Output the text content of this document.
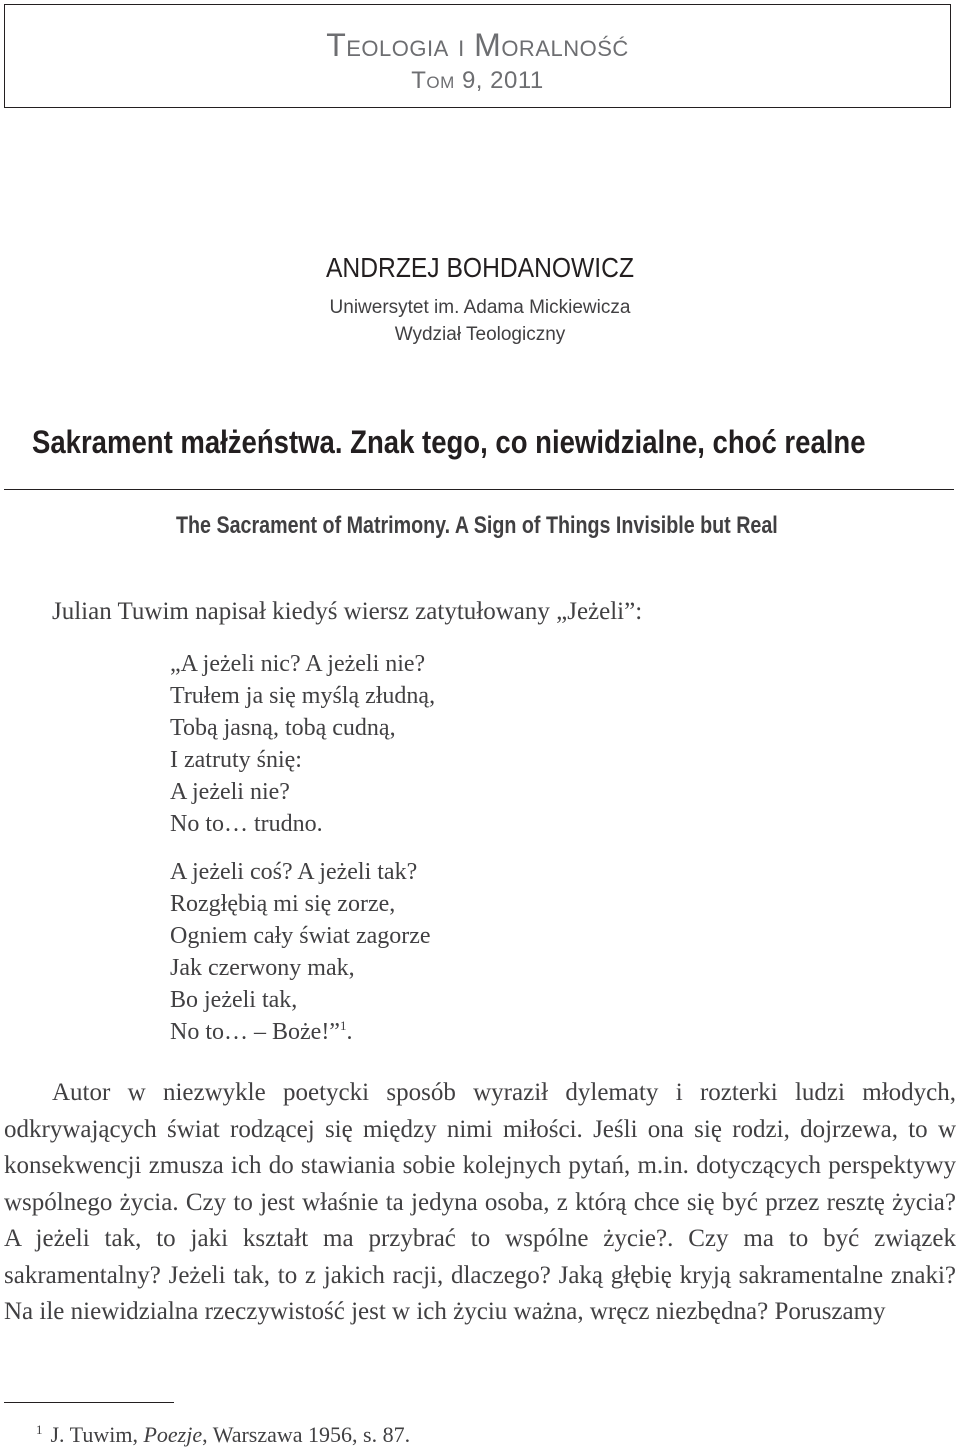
Teologia i Moralność
Tom 9, 2011
ANDRZEJ BOHDANOWICZ
Uniwersytet im. Adama Mickiewicza
Wydział Teologiczny
Sakrament małżeństwa. Znak tego, co niewidzialne, choć realne
The Sacrament of Matrimony. A Sign of Things Invisible but Real
Julian Tuwim napisał kiedyś wiersz zatytułowany „Jeżeli”:
„A jeżeli nic? A jeżeli nie?
Trułem ja się myślą złudną,
Tobą jasną, tobą cudną,
I zatruty śnię:
A jeżeli nie?
No to… trudno.
A jeżeli coś? A jeżeli tak?
Rozgłębią mi się zorze,
Ogniem cały świat zagorze
Jak czerwony mak,
Bo jeżeli tak,
No to… – Boże!”$^1$.

Autor w niezwykle poetycki sposób wyraził dylematy i rozterki ludzi młodych, odkrywających świat rodzącej się między nimi miłości. Jeśli ona się rodzi, dojrzewa, to w konsekwencji zmusza ich do stawiania sobie kolejnych pytań, m.in. dotyczących perspektywy wspólnego życia. Czy to jest właśnie ta jedyna osoba, z którą chce się być przez resztę życia? A jeżeli tak, to jaki kształt ma przybrać to wspólne życie?. Czy ma to być związek sakramentalny? Jeżeli tak, to z jakich racji, dlaczego? Jaką głębię kryją sakramentalne znaki? Na ile niewidzialna rzeczywistość jest w ich życiu ważna, wręcz niezbędna? Poruszamy

$^1$ J. Tuwim, Poezje, Warszawa 1956, s. 87.
